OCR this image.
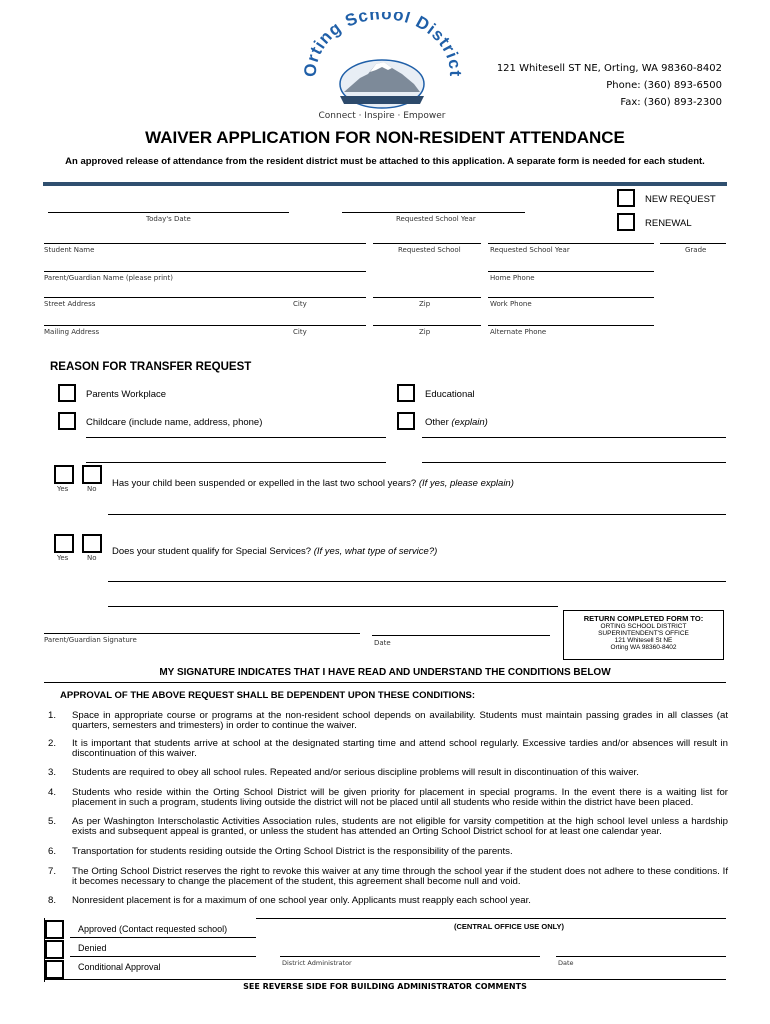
Orting School District
Connect · Inspire · Empower
121 Whitesell ST NE, Orting, WA 98360-8402
Phone: (360) 893-6500
Fax: (360) 893-2300
WAIVER APPLICATION FOR NON-RESIDENT ATTENDANCE
An approved release of attendance from the resident district must be attached to this application. A separate form is needed for each student.
NEW REQUEST
RENEWAL
Today's Date	Requested School Year
Student Name	Requested School	Requested School Year	Grade
Parent/Guardian Name (please print)	Home Phone
Street Address	City	Zip	Work Phone
Mailing Address	City	Zip	Alternate Phone
REASON FOR TRANSFER REQUEST
Parents Workplace	Educational
Childcare (include name, address, phone)	Other (explain)
Yes	No Has your child been suspended or expelled in the last two school years? (If yes, please explain)
Yes	No
Does your student qualify for Special Services? (If yes, what type of service?)
Parent/Guardian Signature	Date
RETURN COMPLETED FORM TO:
ORTING SCHOOL DISTRICT
SUPERINTENDENT'S OFFICE
121 Whitesell St NE
Orting WA 98360-8402
MY SIGNATURE INDICATES THAT I HAVE READ AND UNDERSTAND THE CONDITIONS BELOW
APPROVAL OF THE ABOVE REQUEST SHALL BE DEPENDENT UPON THESE CONDITIONS:
1. Space in appropriate course or programs at the non-resident school depends on availability. Students must maintain passing grades in all classes (at quarters, semesters and trimesters) in order to continue the waiver.
2. It is important that students arrive at school at the designated starting time and attend school regularly. Excessive tardies and/or absences will result in discontinuation of this waiver.
3. Students are required to obey all school rules. Repeated and/or serious discipline problems will result in discontinuation of this waiver.
4. Students who reside within the Orting School District will be given priority for placement in special programs. In the event there is a waiting list for placement in such a program, students living outside the district will not be placed until all students who reside within the district have been placed.
5. As per Washington Interscholastic Activities Association rules, students are not eligible for varsity competition at the high school level unless a hardship exists and subsequent appeal is granted, or unless the student has attended an Orting School District school for at least one calendar year.
6. Transportation for students residing outside the Orting School District is the responsibility of the parents.
7. The Orting School District reserves the right to revoke this waiver at any time through the school year if the student does not adhere to these conditions. If it becomes necessary to change the placement of the student, this agreement shall become null and void.
8. Nonresident placement is for a maximum of one school year only. Applicants must reapply each school year.
Approved (Contact requested school)
Denied
Conditional Approval
(CENTRAL OFFICE USE ONLY)
District Administrator	Date
SEE REVERSE SIDE FOR BUILDING ADMINISTRATOR COMMENTS
